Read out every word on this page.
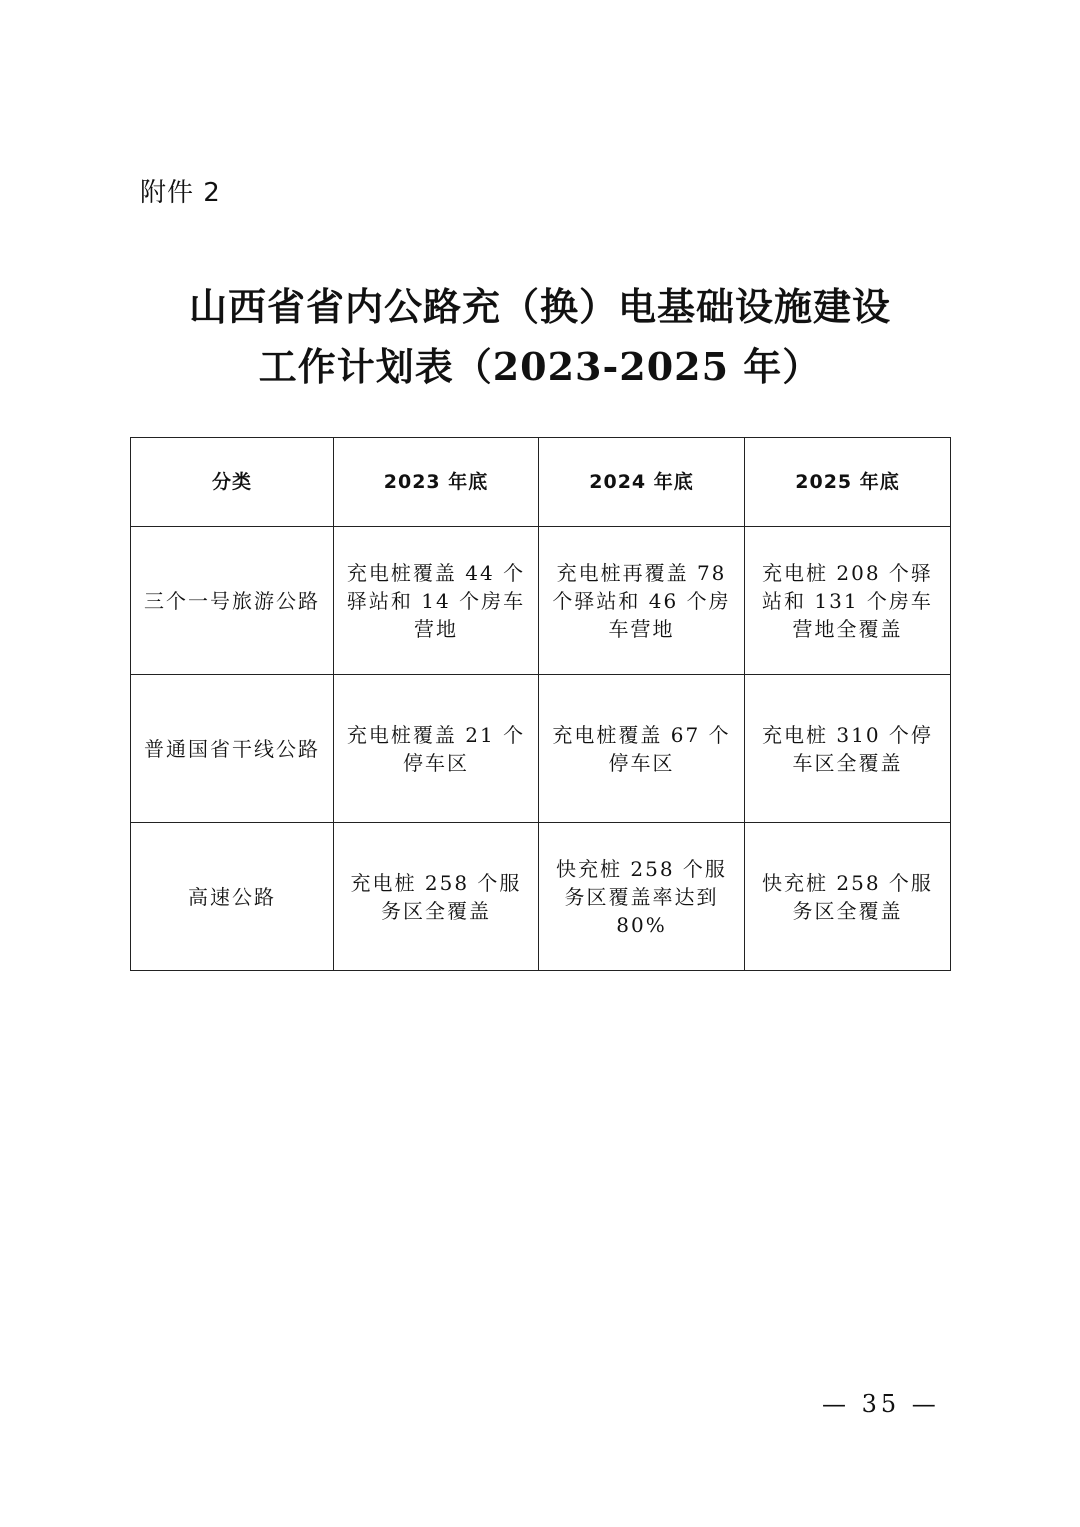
附件 2
山西省省内公路充（换）电基础设施建设
工作计划表（2023-2025 年）
分类	2023 年底	2024 年底	2025 年底
三个一号旅游公路	充电桩覆盖 44 个驿站和 14 个房车营地	充电桩再覆盖 78 个驿站和 46 个房车营地	充电桩 208 个驿站和 131 个房车营地全覆盖
普通国省干线公路	充电桩覆盖 21 个停车区	充电桩覆盖 67 个停车区	充电桩 310 个停车区全覆盖
高速公路	充电桩 258 个服务区全覆盖	快充桩 258 个服务区覆盖率达到 80%	快充桩 258 个服务区全覆盖
— 35 —
